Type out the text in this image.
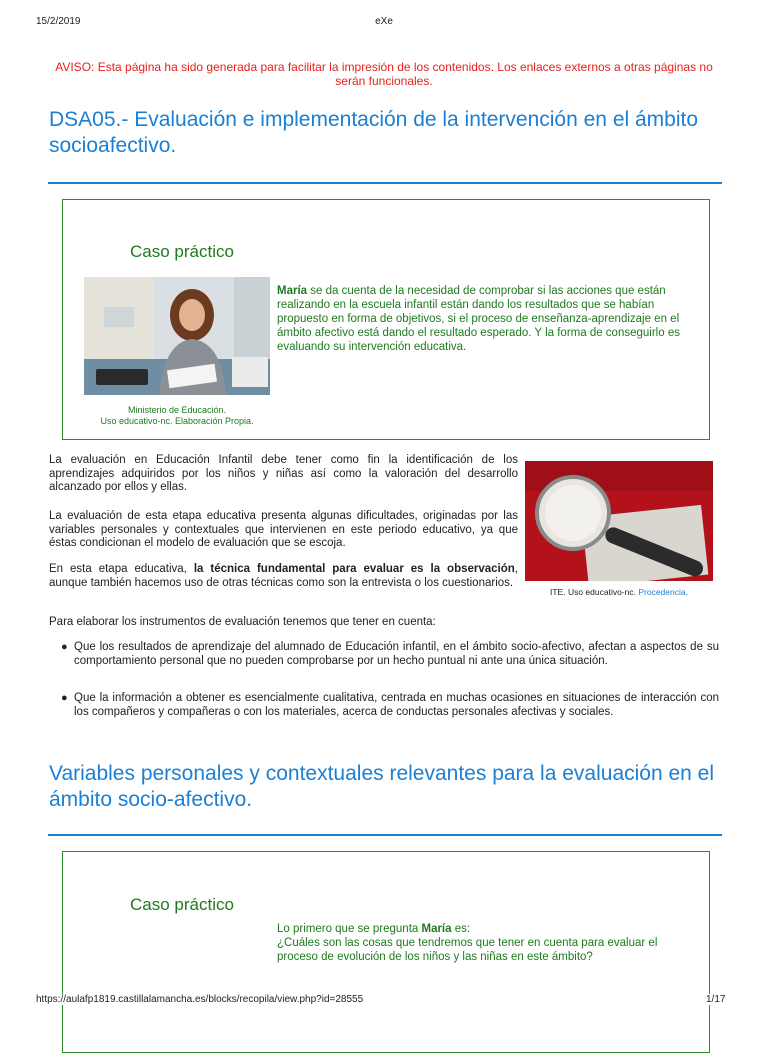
15/2/2019	eXe
AVISO: Esta página ha sido generada para facilitar la impresión de los contenidos. Los enlaces externos a otras páginas no serán funcionales.
DSA05.- Evaluación e implementación de la intervención en el ámbito socioafectivo.
Caso práctico
Ministerio de Educación.
Uso educativo-nc. Elaboración Propia.
María se da cuenta de la necesidad de comprobar si las acciones que están realizando en la escuela infantil están dando los resultados que se habían propuesto en forma de objetivos, si el proceso de enseñanza-aprendizaje en el ámbito afectivo está dando el resultado esperado. Y la forma de conseguirlo es evaluando su intervención educativa.
La evaluación en Educación Infantil debe tener como fin la identificación de los aprendizajes adquiridos por los niños y niñas así como la valoración del desarrollo alcanzado por ellos y ellas.
La evaluación de esta etapa educativa presenta algunas dificultades, originadas por las variables personales y contextuales que intervienen en este periodo educativo, ya que éstas condicionan el modelo de evaluación que se escoja.
En esta etapa educativa, la técnica fundamental para evaluar es la observación, aunque también hacemos uso de otras técnicas como son la entrevista o los cuestionarios.
ITE. Uso educativo-nc. Procedencia.
Para elaborar los instrumentos de evaluación tenemos que tener en cuenta:
● Que los resultados de aprendizaje del alumnado de Educación infantil, en el ámbito socio-afectivo, afectan a aspectos de su comportamiento personal que no pueden comprobarse por un hecho puntual ni ante una única situación.
● Que la información a obtener es esencialmente cualitativa, centrada en muchas ocasiones en situaciones de interacción con los compañeros y compañeras o con los materiales, acerca de conductas personales afectivas y sociales.
Variables personales y contextuales relevantes para la evaluación en el ámbito socio-afectivo.
Caso práctico
Lo primero que se pregunta María es:
¿Cuáles son las cosas que tendremos que tener en cuenta para evaluar el proceso de evolución de los niños y las niñas en este ámbito?
https://aulafp1819.castillalamancha.es/blocks/recopila/view.php?id=28555	1/17
